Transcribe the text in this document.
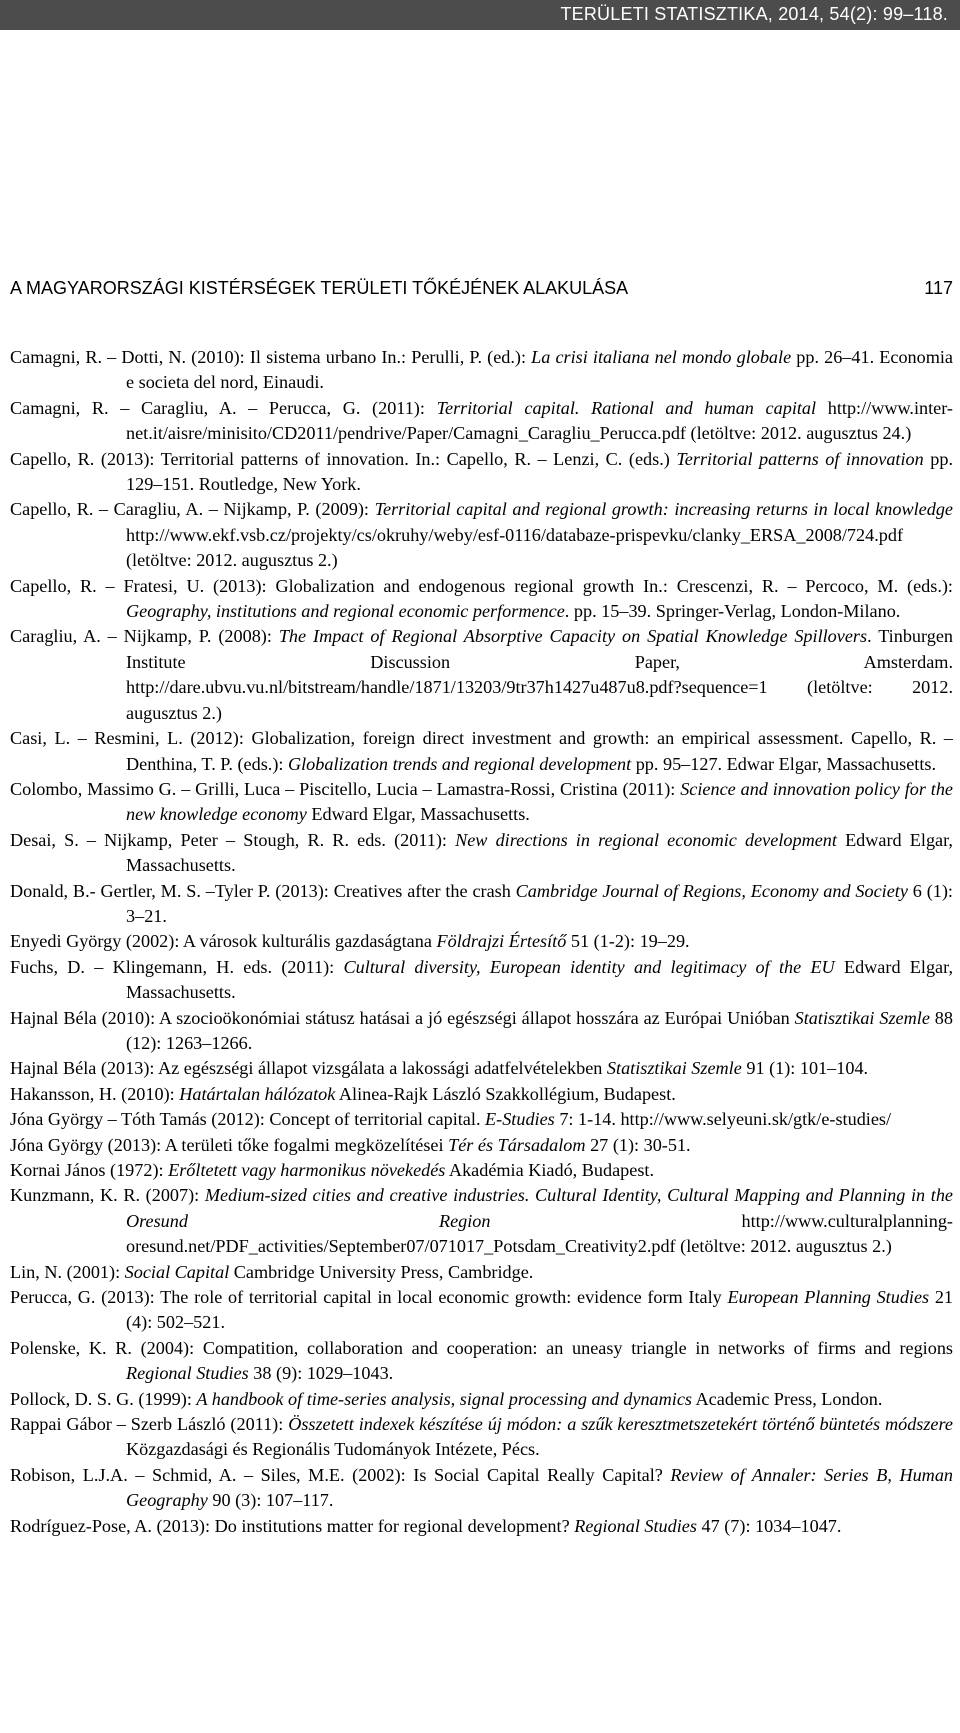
TERÜLETI STATISZTIKA, 2014, 54(2): 99–118.
A MAGYARORSZÁGI KISTÉRSÉGEK TERÜLETI TŐKÉJÉNEK ALAKULÁSA	117
Camagni, R. – Dotti, N. (2010): Il sistema urbano In.: Perulli, P. (ed.): La crisi italiana nel mondo globale pp. 26–41. Economia e societa del nord, Einaudi.
Camagni, R. – Caragliu, A. – Perucca, G. (2011): Territorial capital. Rational and human capital http://www.inter-net.it/aisre/minisito/CD2011/pendrive/Paper/Camagni_Caragliu_Perucca.pdf (letöltve: 2012. augusztus 24.)
Capello, R. (2013): Territorial patterns of innovation. In.: Capello, R. – Lenzi, C. (eds.) Territorial patterns of innovation pp. 129–151. Routledge, New York.
Capello, R. – Caragliu, A. – Nijkamp, P. (2009): Territorial capital and regional growth: increasing returns in local knowledge http://www.ekf.vsb.cz/projekty/cs/okruhy/weby/esf-0116/databaze-prispevku/clanky_ERSA_2008/724.pdf (letöltve: 2012. augusztus 2.)
Capello, R. – Fratesi, U. (2013): Globalization and endogenous regional growth In.: Crescenzi, R. – Percoco, M. (eds.): Geography, institutions and regional economic performence. pp. 15–39. Springer-Verlag, London-Milano.
Caragliu, A. – Nijkamp, P. (2008): The Impact of Regional Absorptive Capacity on Spatial Knowledge Spillovers. Tinburgen Institute Discussion Paper, Amsterdam. http://dare.ubvu.vu.nl/bitstream/handle/1871/13203/9tr37h1427u487u8.pdf?sequence=1 (letöltve: 2012. augusztus 2.)
Casi, L. – Resmini, L. (2012): Globalization, foreign direct investment and growth: an empirical assessment. Capello, R. – Denthina, T. P. (eds.): Globalization trends and regional development pp. 95–127. Edwar Elgar, Massachusetts.
Colombo, Massimo G. – Grilli, Luca – Piscitello, Lucia – Lamastra-Rossi, Cristina (2011): Science and innovation policy for the new knowledge economy Edward Elgar, Massachusetts.
Desai, S. – Nijkamp, Peter – Stough, R. R. eds. (2011): New directions in regional economic development Edward Elgar, Massachusetts.
Donald, B.- Gertler, M. S. –Tyler P. (2013): Creatives after the crash Cambridge Journal of Regions, Economy and Society 6 (1): 3–21.
Enyedi György (2002): A városok kulturális gazdaságtana Földrajzi Értesítő 51 (1-2): 19–29.
Fuchs, D. – Klingemann, H. eds. (2011): Cultural diversity, European identity and legitimacy of the EU Edward Elgar, Massachusetts.
Hajnal Béla (2010): A szocioökonómiai státusz hatásai a jó egészségi állapot hosszára az Európai Unióban Statisztikai Szemle 88 (12): 1263–1266.
Hajnal Béla (2013): Az egészségi állapot vizsgálata a lakossági adatfelvételekben Statisztikai Szemle 91 (1): 101–104.
Hakansson, H. (2010): Határtalan hálózatok Alinea-Rajk László Szakkollégium, Budapest.
Jóna György – Tóth Tamás (2012): Concept of territorial capital. E-Studies 7: 1-14. http://www.selyeuni.sk/gtk/e-studies/
Jóna György (2013): A területi tőke fogalmi megközelítései Tér és Társadalom 27 (1): 30-51.
Kornai János (1972): Erőltetett vagy harmonikus növekedés Akadémia Kiadó, Budapest.
Kunzmann, K. R. (2007): Medium-sized cities and creative industries. Cultural Identity, Cultural Mapping and Planning in the Oresund Region http://www.culturalplanning-oresund.net/PDF_activities/September07/071017_Potsdam_Creativity2.pdf (letöltve: 2012. augusztus 2.)
Lin, N. (2001): Social Capital Cambridge University Press, Cambridge.
Perucca, G. (2013): The role of territorial capital in local economic growth: evidence form Italy European Planning Studies 21 (4): 502–521.
Polenske, K. R. (2004): Compatition, collaboration and cooperation: an uneasy triangle in networks of firms and regions Regional Studies 38 (9): 1029–1043.
Pollock, D. S. G. (1999): A handbook of time-series analysis, signal processing and dynamics Academic Press, London.
Rappai Gábor – Szerb László (2011): Összetett indexek készítése új módon: a szűk keresztmetszetekért történő büntetés módszere Közgazdasági és Regionális Tudományok Intézete, Pécs.
Robison, L.J.A. – Schmid, A. – Siles, M.E. (2002): Is Social Capital Really Capital? Review of Annaler: Series B, Human Geography 90 (3): 107–117.
Rodríguez-Pose, A. (2013): Do institutions matter for regional development? Regional Studies 47 (7): 1034–1047.
